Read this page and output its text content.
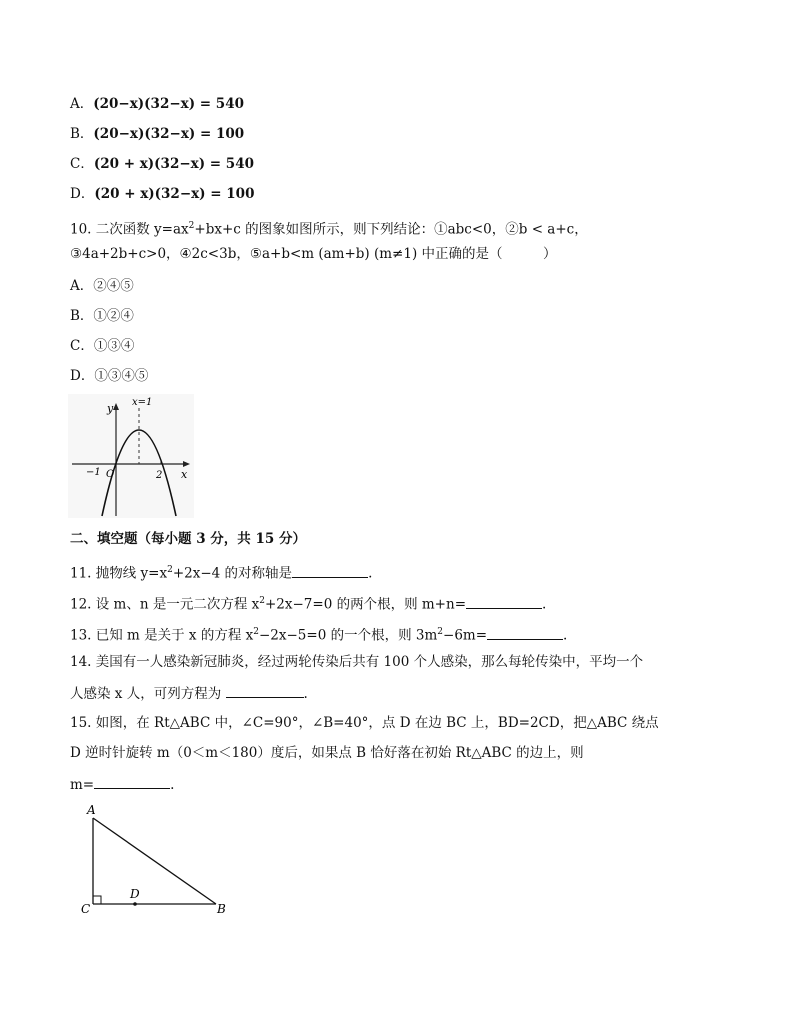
A．(20−x)(32−x) = 540
B．(20−x)(32−x) = 100
C．(20 + x)(32−x) = 540
D．(20 + x)(32−x) = 100
10. 二次函数 $y=ax^2+bx+c$ 的图象如图所示，则下列结论：①abc<0，②b < a+c，
③4a+2b+c>0，④2c<3b，⑤a+b<m (am+b) (m≠1) 中正确的是（　　　）
A．②④⑤
B．①②④
C．①③④
D．①③④⑤
y
x
x=1
O
−1	2
二、填空题（每小题 3 分，共 15 分）
11. 抛物线 $y=x^2+2x-4$ 的对称轴是	.
12. 设 m、n 是一元二次方程 $x^2+2x-7=0$ 的两个根，则 m+n=	.
13. 已知 m 是关于 x 的方程 $x^2-2x-5=0$ 的一个根，则 $3m^2-6m=$	.
14. 美国有一人感染新冠肺炎，经过两轮传染后共有 100 个人感染，那么每轮传染中，平均一个
人感染 x 人，可列方程为	.
15. 如图，在 Rt△ABC 中，∠C=90°，∠B=40°，点 D 在边 BC 上，BD=2CD，把△ABC 绕点
D 逆时针旋转 m（0＜m＜180）度后，如果点 B 恰好落在初始 Rt△ABC 的边上，则
m=	.
A
C	B
D
